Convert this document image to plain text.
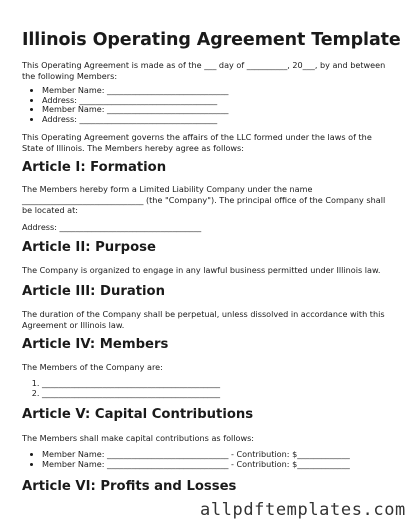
Illinois Operating Agreement Template
This Operating Agreement is made as of the ___ day of __________, 20___, by and between the following Members:
• Member Name: ______________________________
• Address: __________________________________
• Member Name: ______________________________
• Address: __________________________________
This Operating Agreement governs the affairs of the LLC formed under the laws of the State of Illinois. The Members hereby agree as follows:
Article I: Formation
The Members hereby form a Limited Liability Company under the name ______________________________ (the "Company"). The principal office of the Company shall be located at:
Address: ___________________________________
Article II: Purpose
The Company is organized to engage in any lawful business permitted under Illinois law.
Article III: Duration
The duration of the Company shall be perpetual, unless dissolved in accordance with this Agreement or Illinois law.
Article IV: Members
The Members of the Company are:
1. ____________________________________________
2. ____________________________________________
Article V: Capital Contributions
The Members shall make capital contributions as follows:
• Member Name: ______________________________ - Contribution: $_____________
• Member Name: ______________________________ - Contribution: $_____________
Article VI: Profits and Losses
allpdftemplates.com
